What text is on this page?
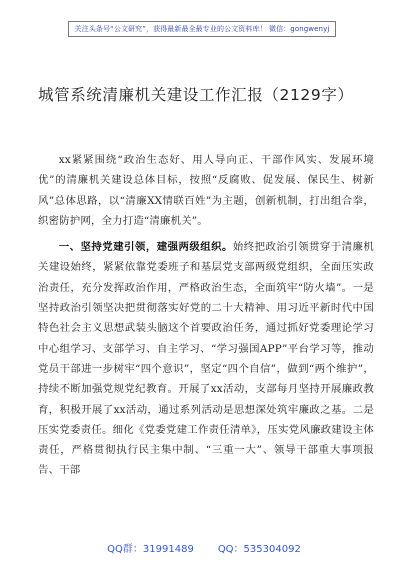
关注头条号“公文研究”，获得最新最全最专业的公文资料库！ 微信：gongwenyj
城管系统清廉机关建设工作汇报（2129字）

xx紧紧围绕“政治生态好、用人导向正、干部作风实、发展环境优”的清廉机关建设总体目标，按照“反腐败、促发展、保民生、树新风”总体思路，以“清廉XX情联百姓”为主题，创新机制，打出组合拳，织密防护网，全力打造“清廉机关”。

一、坚持党建引领，建强两级组织。始终把政治引领贯穿于清廉机关建设始终，紧紧依靠党委班子和基层党支部两级党组织，全面压实政治责任，充分发挥政治作用，严格政治生态，全面筑牢“防火墙”。一是坚持政治引领坚决把贯彻落实好党的二十大精神、用习近平新时代中国特色社会主义思想武装头脑这个首要政治任务，通过抓好党委理论学习中心组学习、支部学习、自主学习、“学习强国APP”平台学习等，推动党员干部进一步树牢“四个意识”，坚定“四个自信”，做到“两个维护”，持续不断加强党规党纪教育。开展了xx活动，支部每月坚持开展廉政教育，积极开展了xx活动，通过系列活动是思想深处筑牢廉政之基。二是压实党委责任。细化《党委党建工作责任清单》，压实党风廉政建设主体责任，严格贯彻执行民主集中制、“三重一大”、领导干部重大事项报告、干部

QQ群：31991489 QQ：535304092
